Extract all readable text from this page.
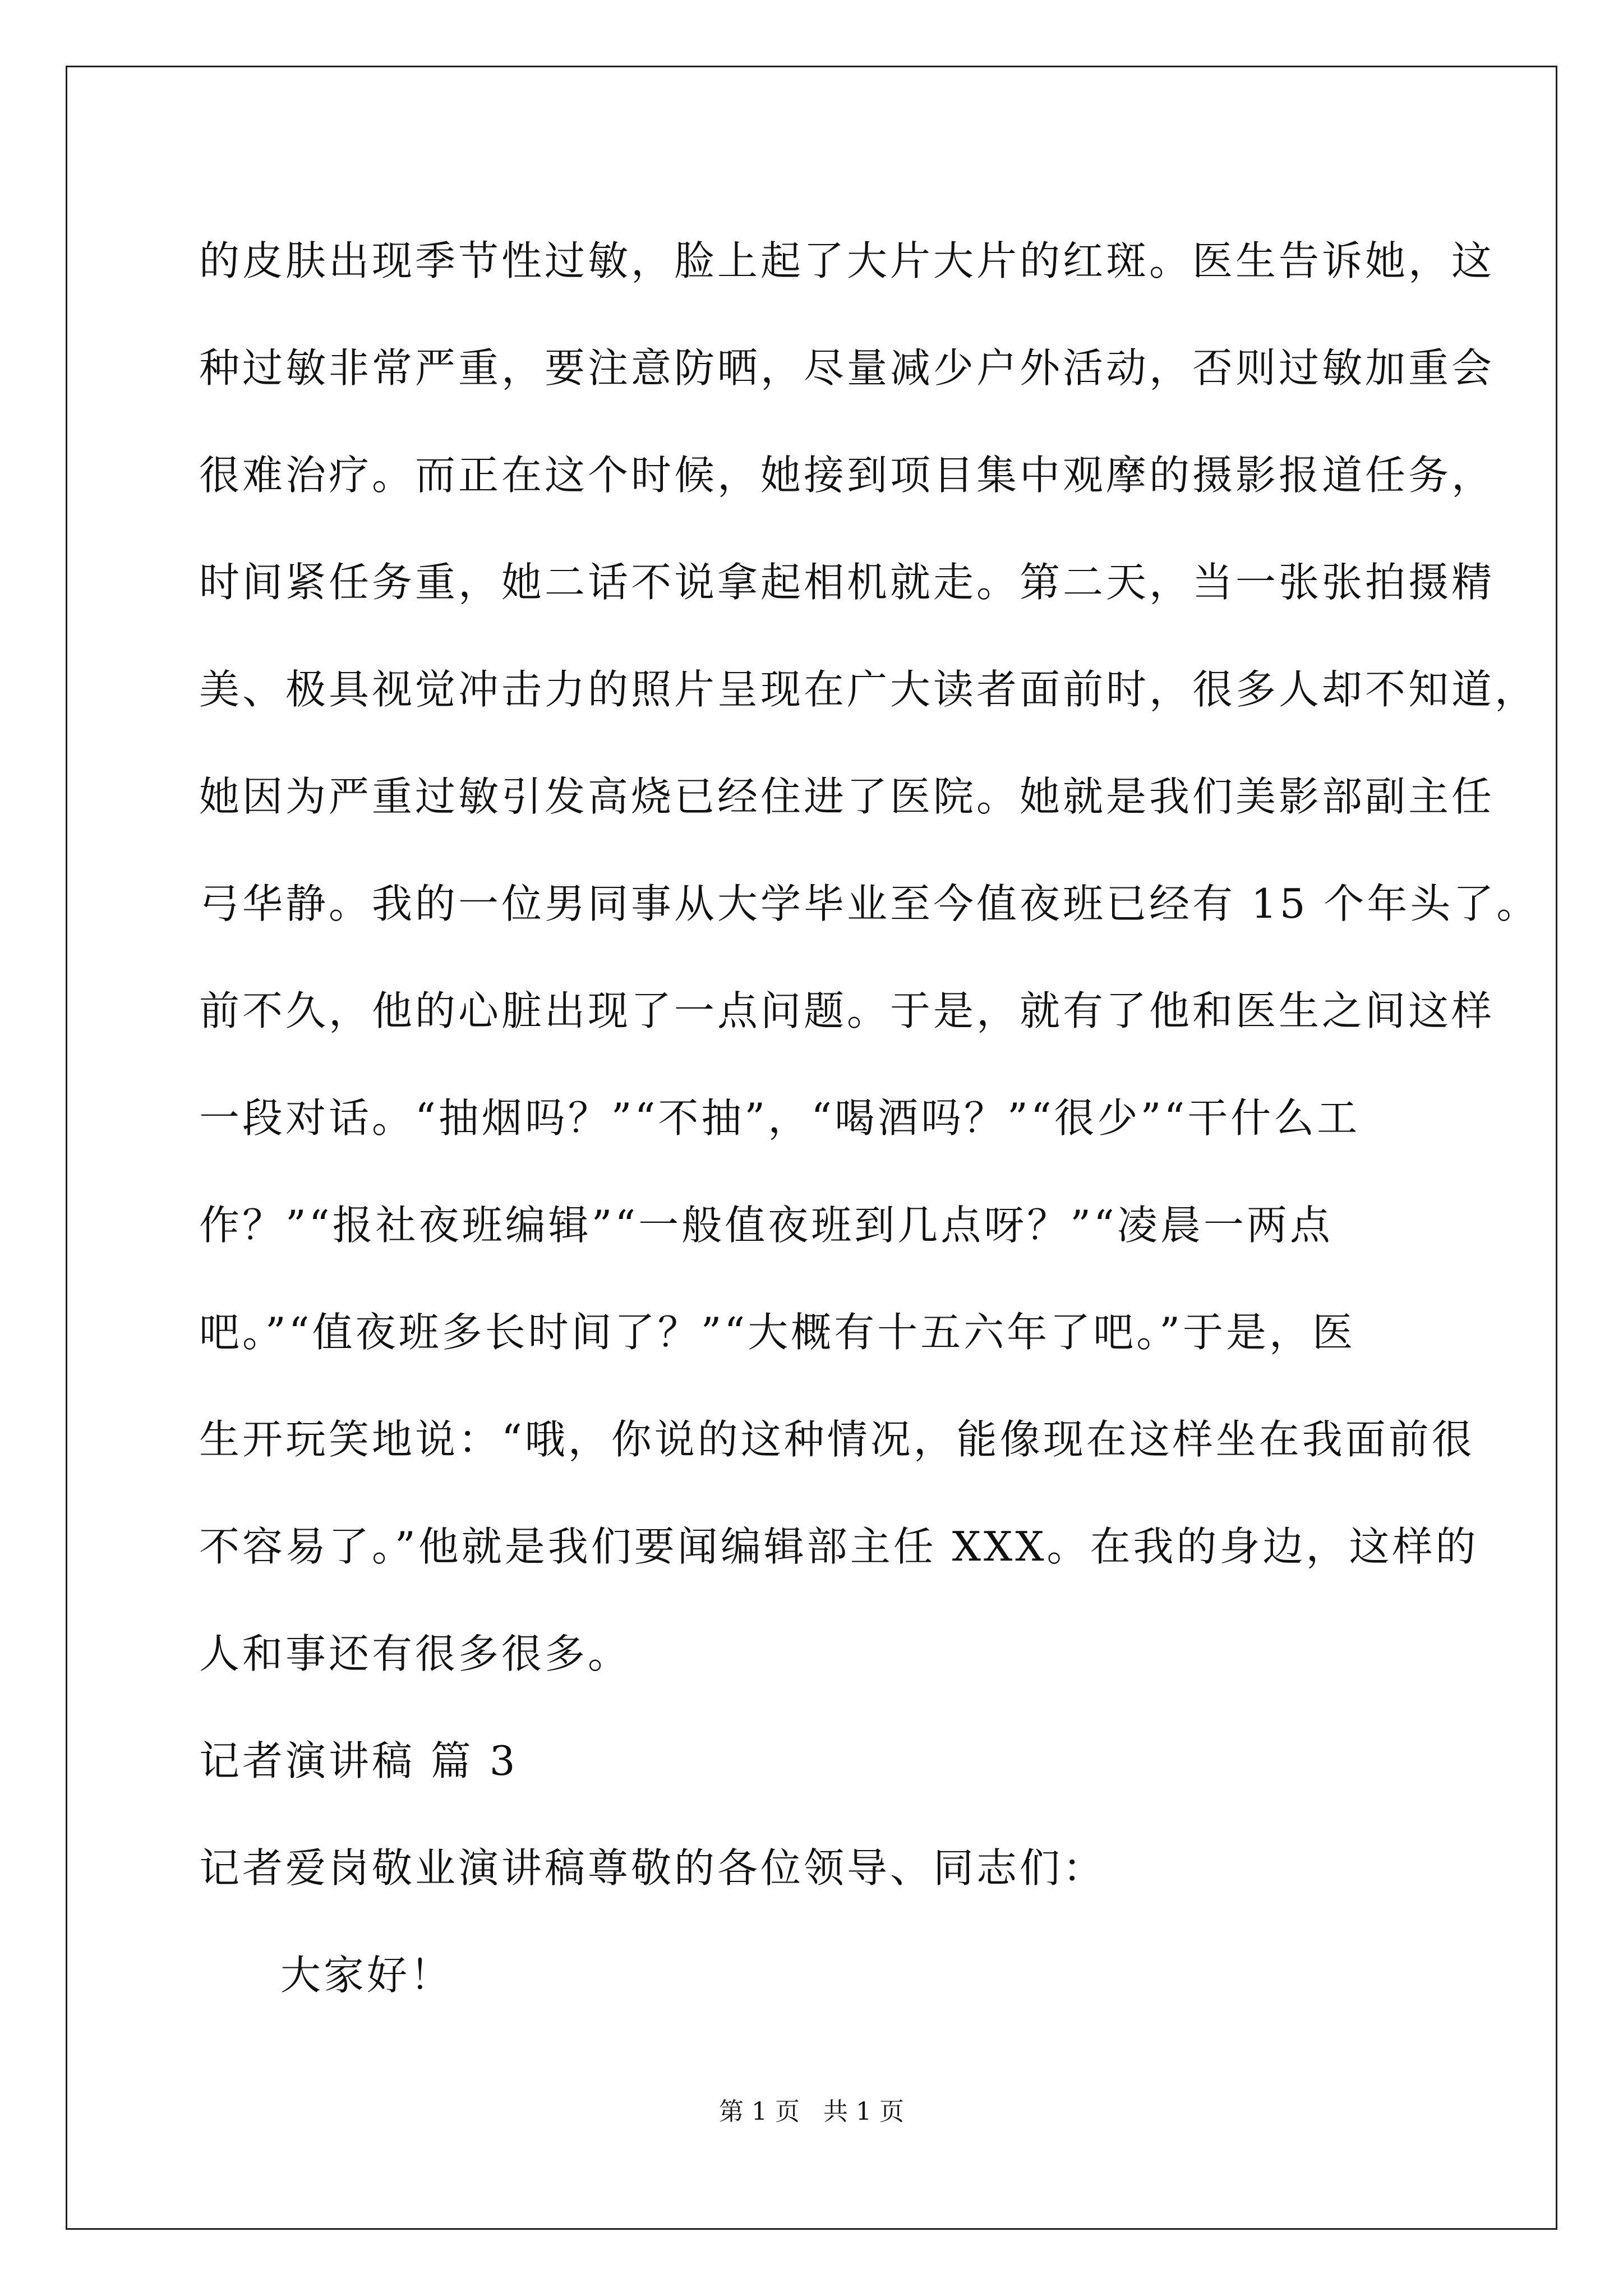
的皮肤出现季节性过敏，脸上起了大片大片的红斑。医生告诉她，这
种过敏非常严重，要注意防晒，尽量减少户外活动，否则过敏加重会
很难治疗。而正在这个时候，她接到项目集中观摩的摄影报道任务，
时间紧任务重，她二话不说拿起相机就走。第二天，当一张张拍摄精
美、极具视觉冲击力的照片呈现在广大读者面前时，很多人却不知道，
她因为严重过敏引发高烧已经住进了医院。她就是我们美影部副主任
弓华静。我的一位男同事从大学毕业至今值夜班已经有 15 个年头了。
前不久，他的心脏出现了一点问题。于是，就有了他和医生之间这样
一段对话。“抽烟吗？”“不抽”，“喝酒吗？”“很少”“干什么工
作？”“报社夜班编辑”“一般值夜班到几点呀？”“凌晨一两点
吧。”“值夜班多长时间了？”“大概有十五六年了吧。”于是，医
生开玩笑地说：“哦，你说的这种情况，能像现在这样坐在我面前很
不容易了。”他就是我们要闻编辑部主任 XXX。在我的身边，这样的
人和事还有很多很多。
记者演讲稿 篇 3
记者爱岗敬业演讲稿尊敬的各位领导、同志们：
大家好！
第 1 页   共 1 页
